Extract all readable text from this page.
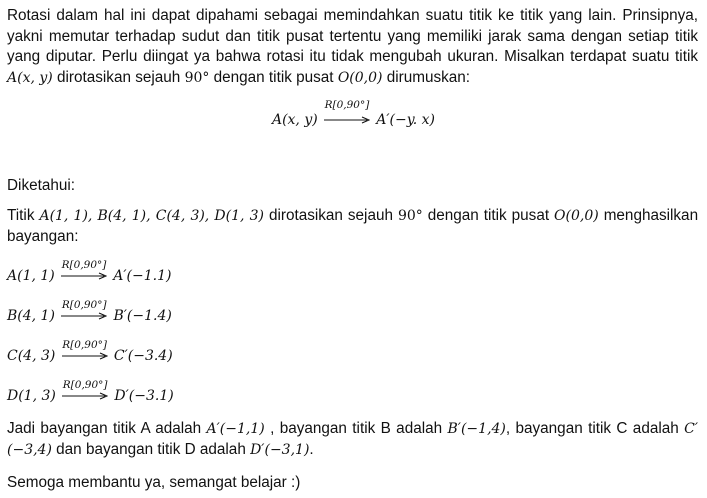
Rotasi dalam hal ini dapat dipahami sebagai memindahkan suatu titik ke titik yang lain. Prinsipnya, yakni memutar terhadap sudut dan titik pusat tertentu yang memiliki jarak sama dengan setiap titik yang diputar. Perlu diingat ya bahwa rotasi itu tidak mengubah ukuran. Misalkan terdapat suatu titik A(x, y) dirotasikan sejauh 90° dengan titik pusat O(0,0) dirumuskan:

A(x, y)
R[0,90°]
A′(−y. x)
Diketahui:

Titik A(1, 1), B(4, 1), C(4, 3), D(1, 3) dirotasikan sejauh 90° dengan titik pusat O(0,0) menghasilkan bayangan:

A(1, 1)
R[0,90°]
A′(−1.1)
B(4, 1)
R[0,90°]
B′(−1.4)
C(4, 3)
R[0,90°]
C′(−3.4)
D(1, 3)
R[0,90°]
D′(−3.1)

Jadi bayangan titik A adalah A′(−1,1) , bayangan titik B adalah B′(−1,4), bayangan titik C adalah C′(−3,4) dan bayangan titik D adalah D′(−3,1).

Semoga membantu ya, semangat belajar :)
